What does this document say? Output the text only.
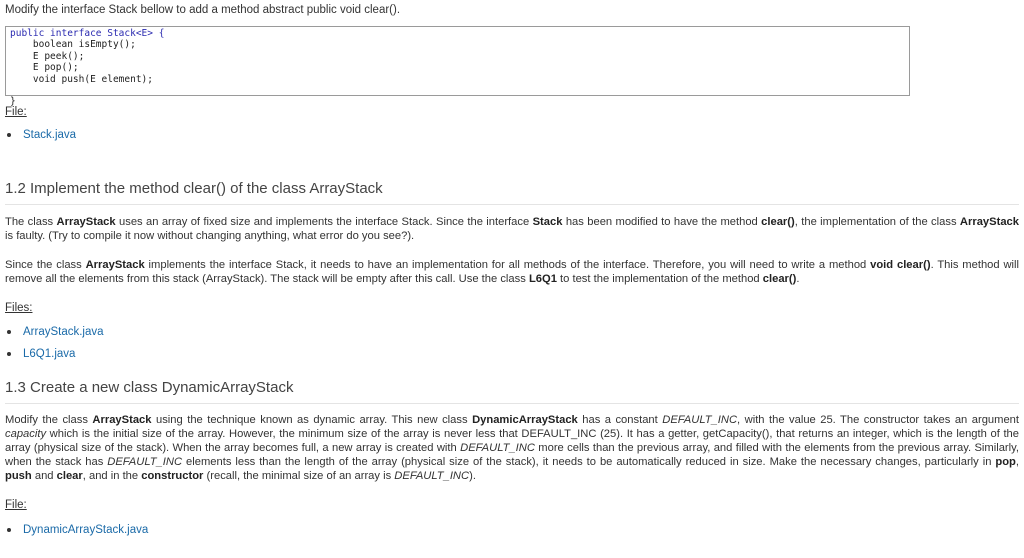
Modify the interface Stack bellow to add a method abstract public void clear().

public interface Stack<E> {
boolean isEmpty();
E peek();
E pop();
void push(E element);

}

File:

Stack.java
1.2 Implement the method clear() of the class ArrayStack

The class ArrayStack uses an array of fixed size and implements the interface Stack. Since the interface Stack has been modified to have the method clear(), the implementation of the class ArrayStack is faulty. (Try to compile it now without changing anything, what error do you see?).

Since the class ArrayStack implements the interface Stack, it needs to have an implementation for all methods of the interface. Therefore, you will need to write a method void clear(). This method will remove all the elements from this stack (ArrayStack). The stack will be empty after this call. Use the class L6Q1 to test the implementation of the method clear().

Files:

ArrayStack.java
L6Q1.java
1.3 Create a new class DynamicArrayStack

Modify the class ArrayStack using the technique known as dynamic array. This new class DynamicArrayStack has a constant DEFAULT_INC, with the value 25. The constructor takes an argument capacity which is the initial size of the array. However, the minimum size of the array is never less that DEFAULT_INC (25). It has a getter, getCapacity(), that returns an integer, which is the length of the array (physical size of the stack). When the array becomes full, a new array is created with DEFAULT_INC more cells than the previous array, and filled with the elements from the previous array. Similarly, when the stack has DEFAULT_INC elements less than the length of the array (physical size of the stack), it needs to be automatically reduced in size. Make the necessary changes, particularly in pop, push and clear, and in the constructor (recall, the minimal size of an array is DEFAULT_INC).

File:

DynamicArrayStack.java
